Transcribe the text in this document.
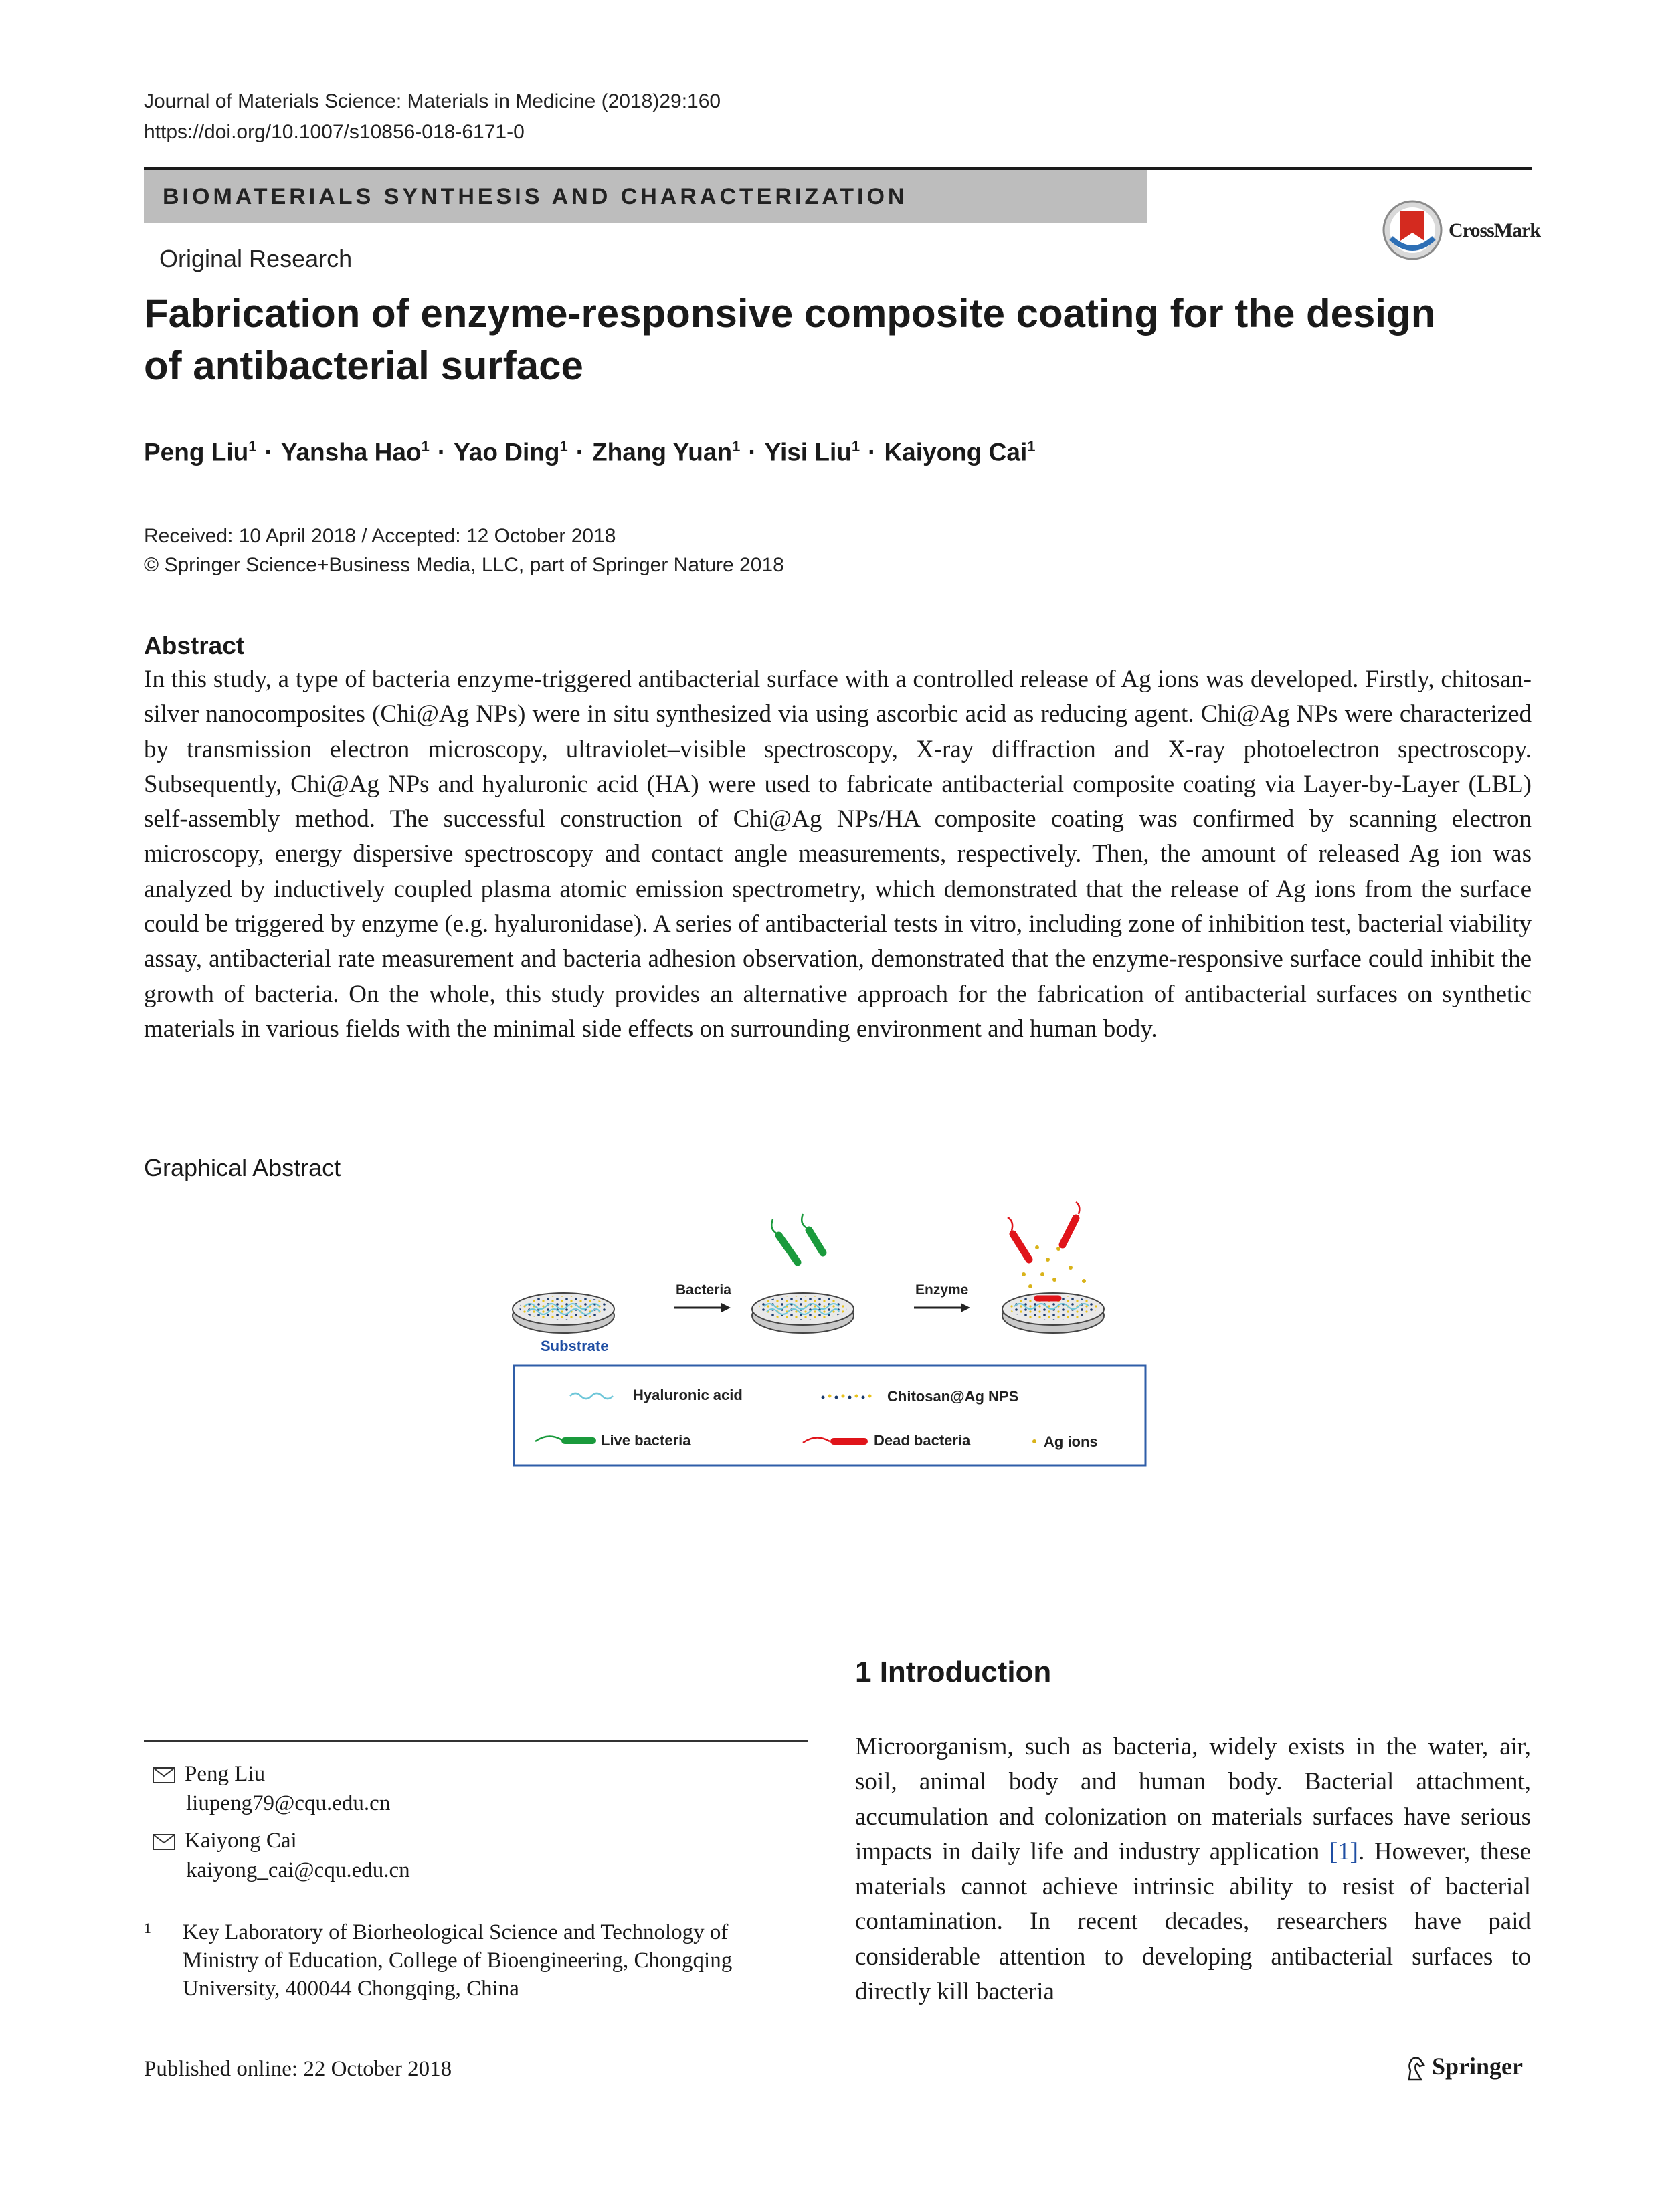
Journal of Materials Science: Materials in Medicine (2018)29:160
https://doi.org/10.1007/s10856-018-6171-0
BIOMATERIALS SYNTHESIS AND CHARACTERIZATION
CrossMark
Original Research
Fabrication of enzyme-responsive composite coating for the design of antibacterial surface
Peng Liu$^1$ · Yansha Hao$^1$ · Yao Ding$^1$ · Zhang Yuan$^1$ · Yisi Liu$^1$ · Kaiyong Cai$^1$
Received: 10 April 2018 / Accepted: 12 October 2018
© Springer Science+Business Media, LLC, part of Springer Nature 2018
Abstract

In this study, a type of bacteria enzyme-triggered antibacterial surface with a controlled release of Ag ions was developed. Firstly, chitosan-silver nanocomposites (Chi@Ag NPs) were in situ synthesized via using ascorbic acid as reducing agent. Chi@Ag NPs were characterized by transmission electron microscopy, ultraviolet–visible spectroscopy, X-ray diffraction and X-ray photoelectron spectroscopy. Subsequently, Chi@Ag NPs and hyaluronic acid (HA) were used to fabricate antibacterial composite coating via Layer-by-Layer (LBL) self-assembly method. The successful construction of Chi@Ag NPs/HA composite coating was confirmed by scanning electron microscopy, energy dispersive spectroscopy and contact angle measurements, respectively. Then, the amount of released Ag ion was analyzed by inductively coupled plasma atomic emission spectrometry, which demonstrated that the release of Ag ions from the surface could be triggered by enzyme (e.g. hyaluronidase). A series of antibacterial tests in vitro, including zone of inhibition test, bacterial viability assay, antibacterial rate measurement and bacteria adhesion observation, demonstrated that the enzyme-responsive surface could inhibit the growth of bacteria. On the whole, this study provides an alternative approach for the fabrication of antibacterial surfaces on synthetic materials in various fields with the minimal side effects on surrounding environment and human body.

Graphical Abstract
Substrate
Bacteria	Enzyme
Hyaluronic acid	Chitosan@Ag NPS
Live bacteria	Dead bacteria	Ag ions
1 Introduction

Microorganism, such as bacteria, widely exists in the water, air, soil, animal body and human body. Bacterial attachment, accumulation and colonization on materials surfaces have serious impacts in daily life and industry application [1]. However, these materials cannot achieve intrinsic ability to resist of bacterial contamination. In recent decades, researchers have paid considerable attention to developing antibacterial surfaces to directly kill bacteria

Peng Liu
liupeng79@cqu.edu.cn
Kaiyong Cai
kaiyong_cai@cqu.edu.cn
1	Key Laboratory of Biorheological Science and Technology of Ministry of Education, College of Bioengineering, Chongqing University, 400044 Chongqing, China
Published online: 22 October 2018	Springer
